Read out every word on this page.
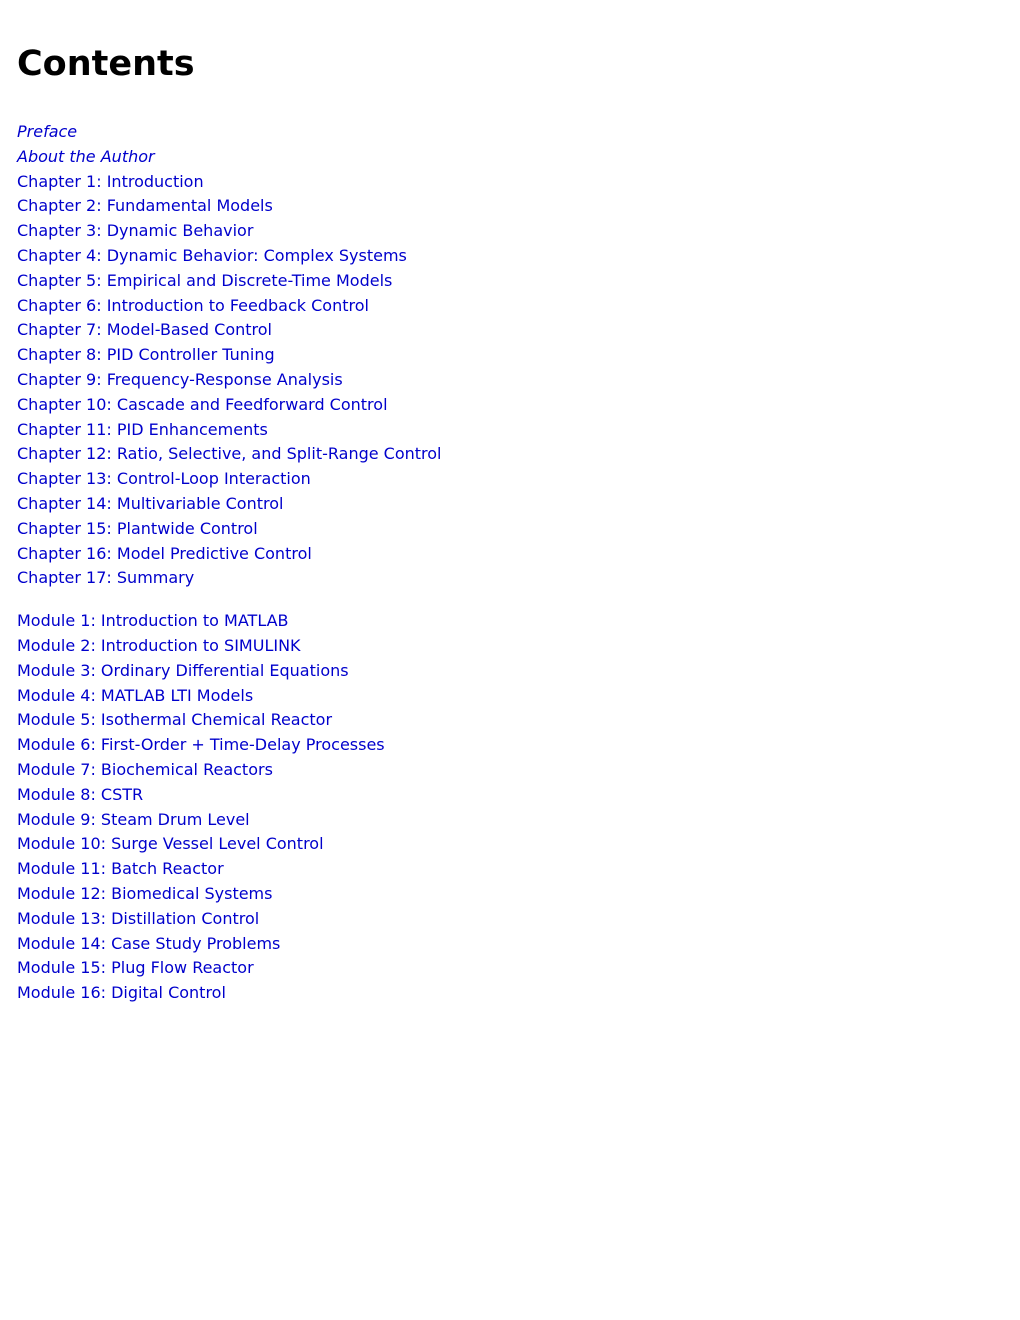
Contents
Preface
About the Author
Chapter 1: Introduction
Chapter 2: Fundamental Models
Chapter 3: Dynamic Behavior
Chapter 4: Dynamic Behavior: Complex Systems
Chapter 5: Empirical and Discrete-Time Models
Chapter 6: Introduction to Feedback Control
Chapter 7: Model-Based Control
Chapter 8: PID Controller Tuning
Chapter 9: Frequency-Response Analysis
Chapter 10: Cascade and Feedforward Control
Chapter 11: PID Enhancements
Chapter 12: Ratio, Selective, and Split-Range Control
Chapter 13: Control-Loop Interaction
Chapter 14: Multivariable Control
Chapter 15: Plantwide Control
Chapter 16: Model Predictive Control
Chapter 17: Summary
Module 1: Introduction to MATLAB
Module 2: Introduction to SIMULINK
Module 3: Ordinary Differential Equations
Module 4: MATLAB LTI Models
Module 5: Isothermal Chemical Reactor
Module 6: First-Order + Time-Delay Processes
Module 7: Biochemical Reactors
Module 8: CSTR
Module 9: Steam Drum Level
Module 10: Surge Vessel Level Control
Module 11: Batch Reactor
Module 12: Biomedical Systems
Module 13: Distillation Control
Module 14: Case Study Problems
Module 15: Plug Flow Reactor
Module 16: Digital Control
